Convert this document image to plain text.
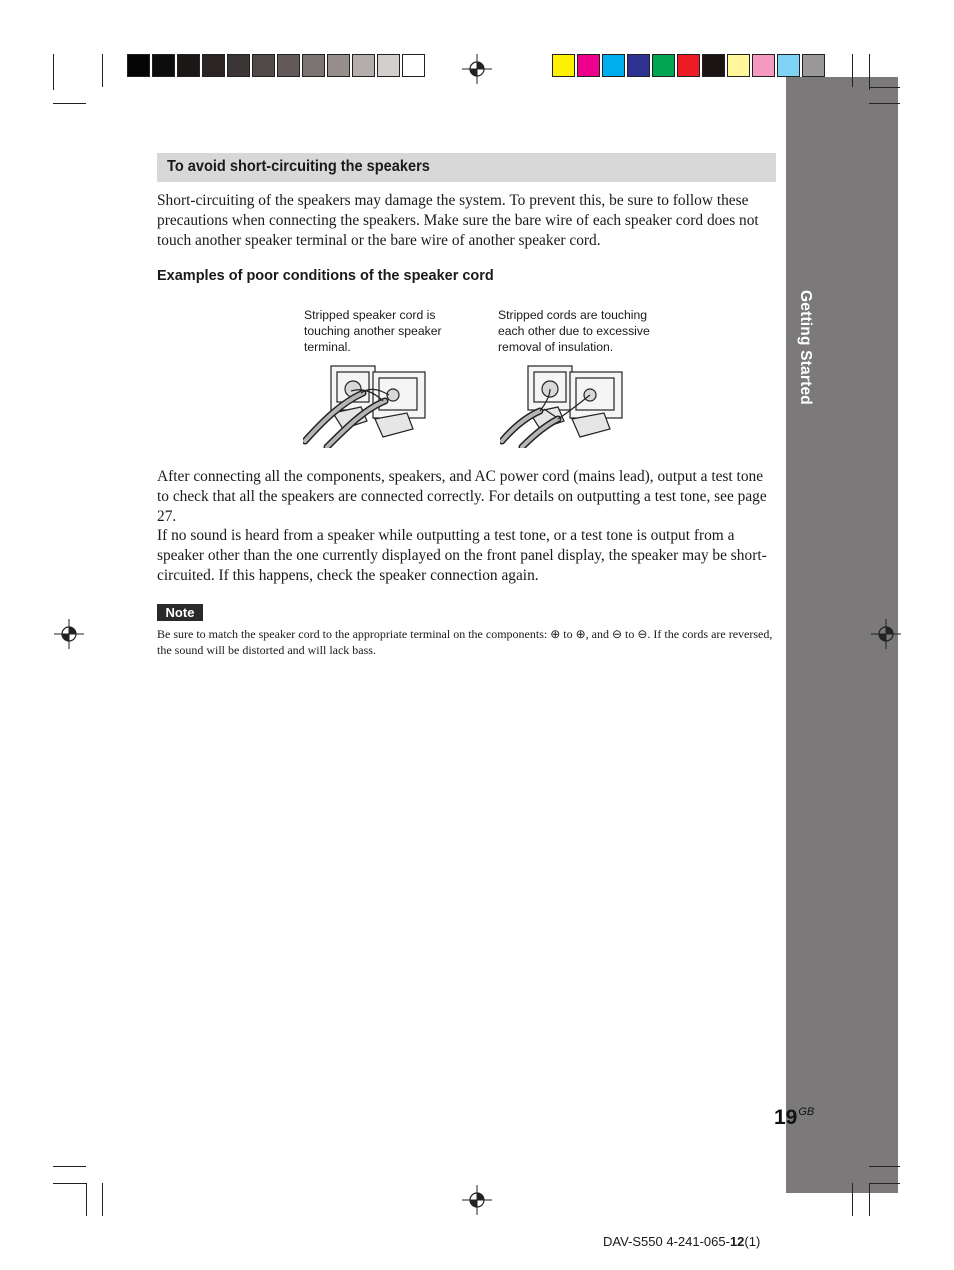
Getting Started
$19^{GB}$
To avoid short-circuiting the speakers

Short-circuiting of the speakers may damage the system. To prevent this, be sure to follow these precautions when connecting the speakers. Make sure the bare wire of each speaker cord does not touch another speaker terminal or the bare wire of another speaker cord.

Examples of poor conditions of the speaker cord
Stripped speaker cord is touching another speaker terminal.
Stripped cords are touching each other due to excessive removal of insulation.

After connecting all the components, speakers, and AC power cord (mains lead), output a test tone to check that all the speakers are connected correctly. For details on outputting a test tone, see page 27.

If no sound is heard from a speaker while outputting a test tone, or a test tone is output from a speaker other than the one currently displayed on the front panel display, the speaker may be short-circuited. If this happens, check the speaker connection again.

Note

Be sure to match the speaker cord to the appropriate terminal on the components: ⊕ to ⊕, and ⊖ to ⊖. If the cords are reversed, the sound will be distorted and will lack bass.

DAV-S550 4-241-065-12(1)
